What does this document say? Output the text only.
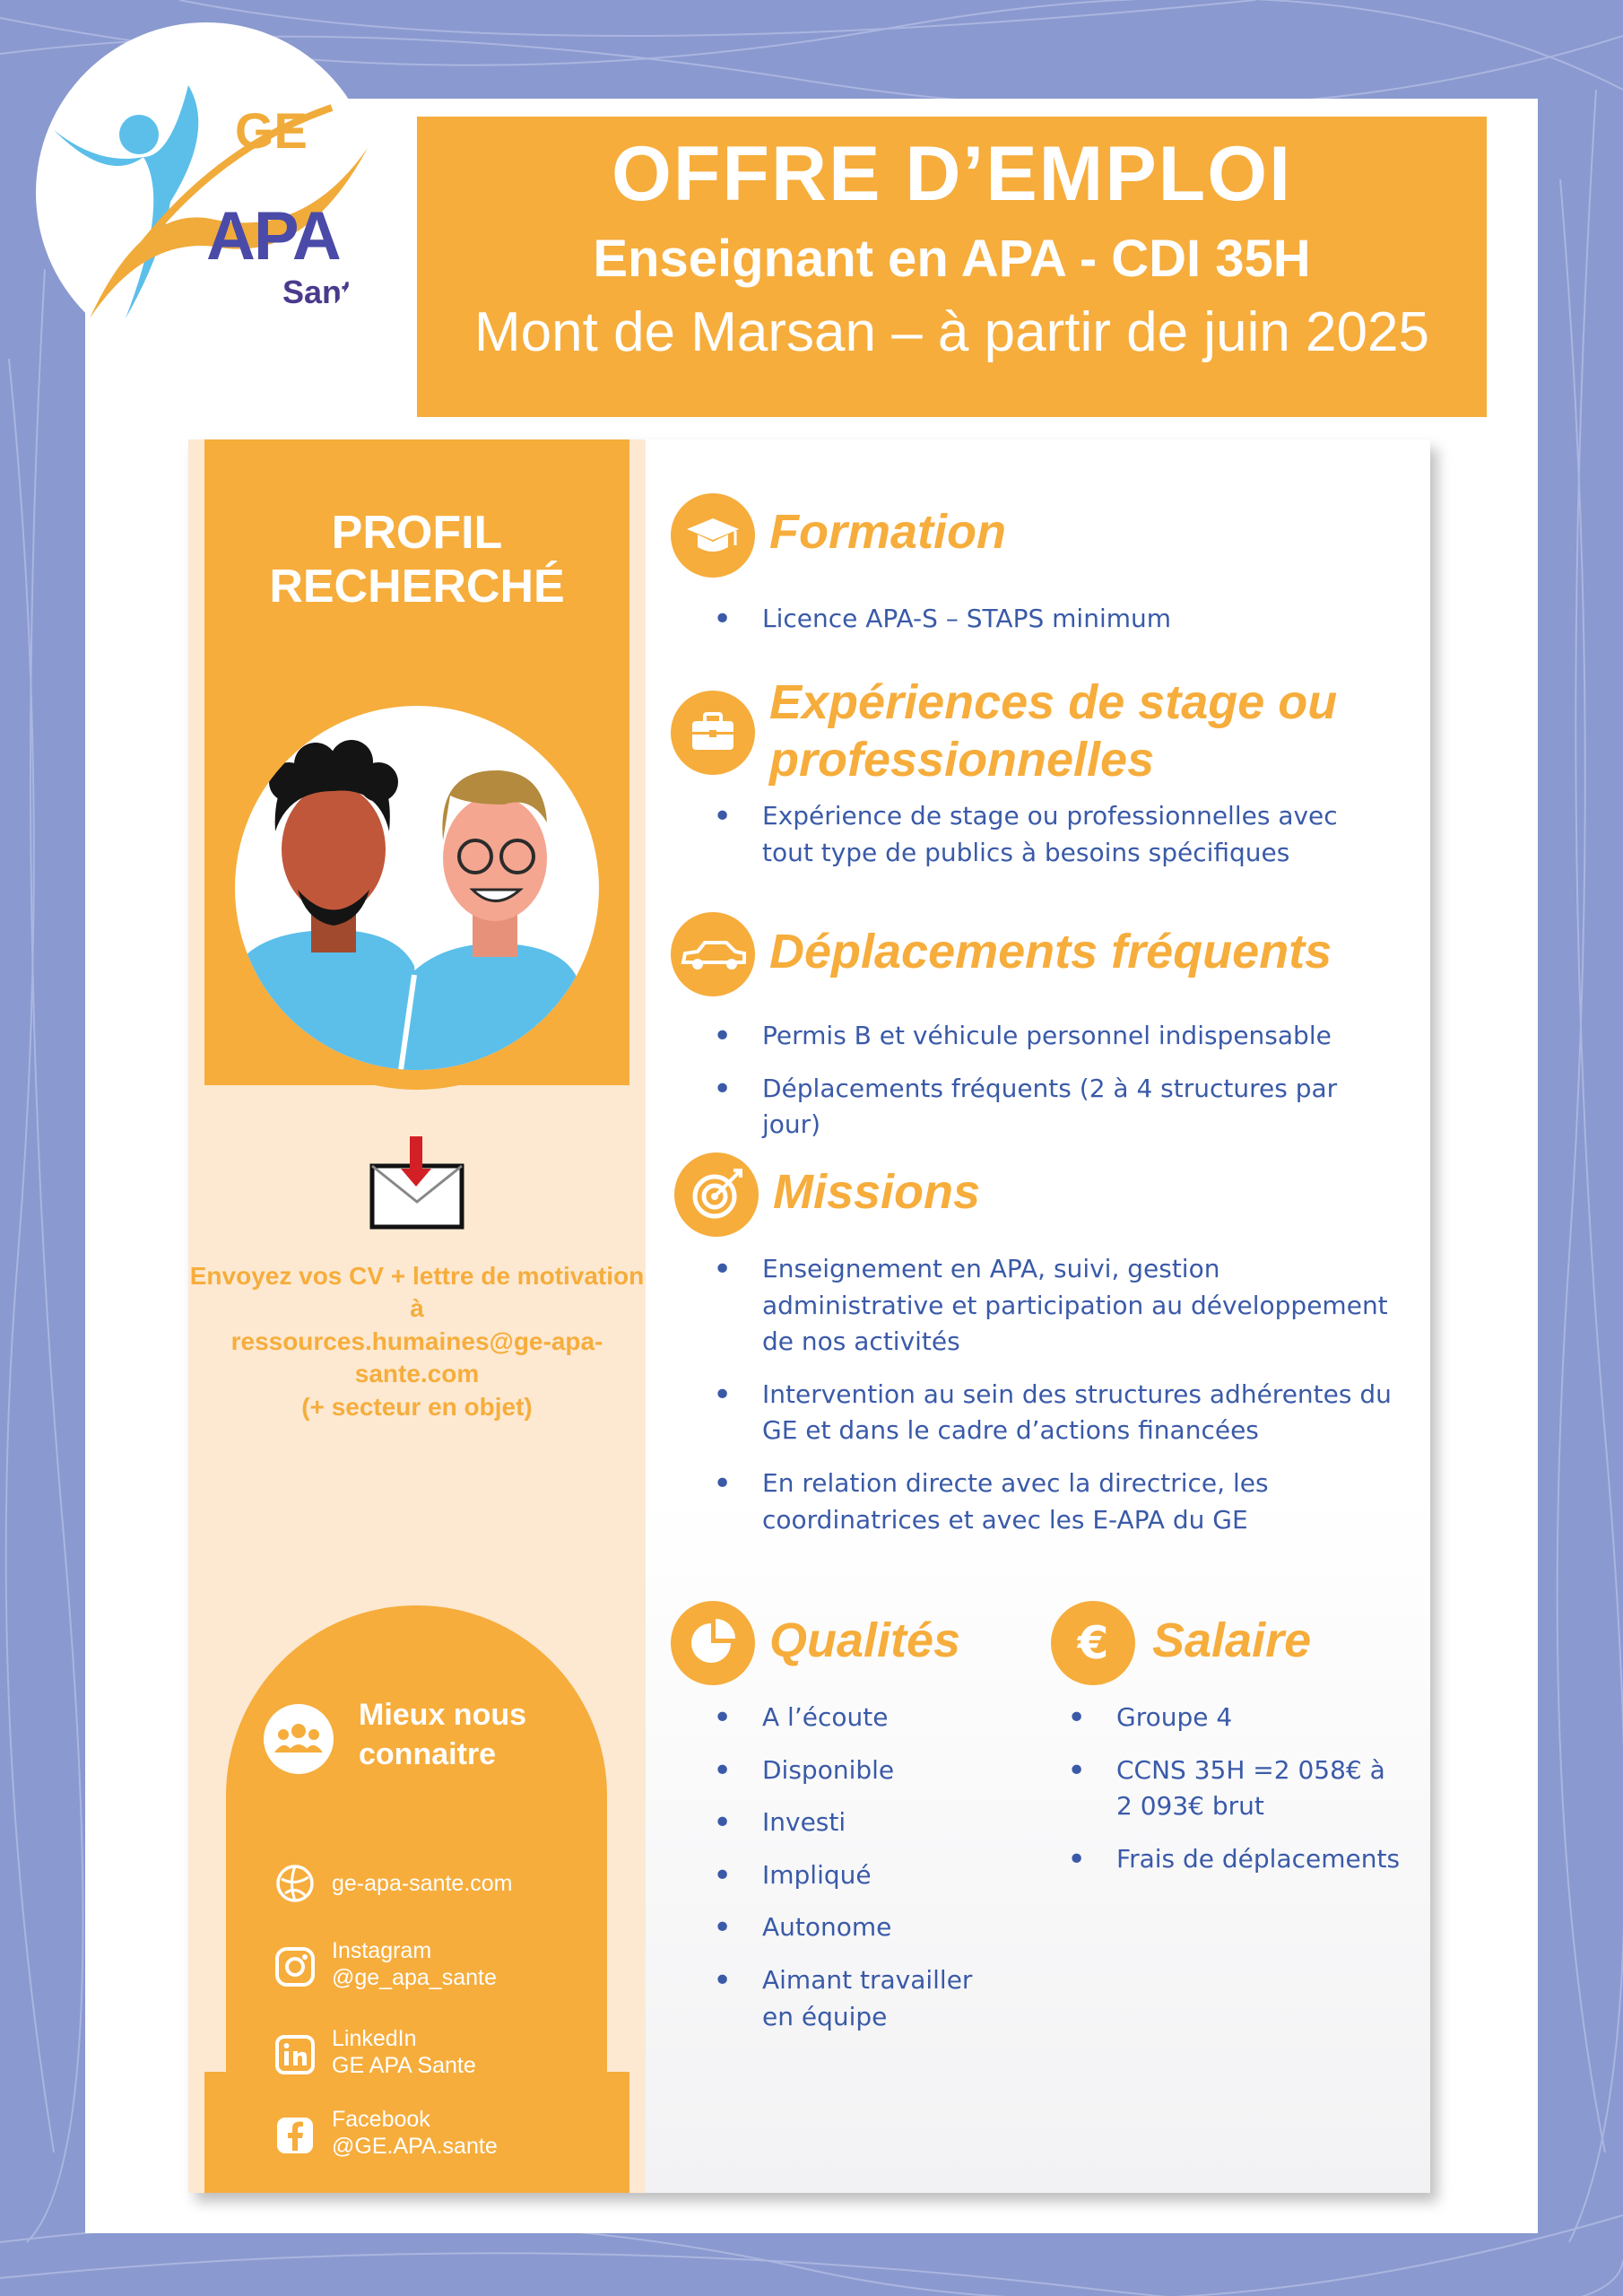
GE
APA
Santé
OFFRE D’EMPLOI
Enseignant en APA - CDI 35H
Mont de Marsan – à partir de juin 2025
PROFIL
RECHERCHÉ
Envoyez vos CV + lettre de motivation à
ressources.humaines@ge-apa-sante.com
(+ secteur en objet)
Mieux nous
connaitre
ge-apa-sante.com
Instagram
@ge_apa_sante
LinkedIn
GE APA Sante
Facebook
@GE.APA.sante
Formation
• Licence APA-S – STAPS minimum
Expériences de stage ou
professionnelles
• Expérience de stage ou professionnelles avec tout type de publics à besoins spécifiques
Déplacements fréquents
• Permis B et véhicule personnel indispensable
• Déplacements fréquents (2 à 4 structures par jour)
Missions
• Enseignement en APA, suivi, gestion administrative et participation au développement de nos activités
• Intervention au sein des structures adhérentes du GE et dans le cadre d’actions financées
• En relation directe avec la directrice, les coordinatrices et avec les E-APA du GE
Qualités
• A l’écoute
• Disponible
• Investi
• Impliqué
• Autonome
• Aimant travailler en équipe
€ Salaire
• Groupe 4
• CCNS 35H =2 058€ à 2 093€ brut
• Frais de déplacements
